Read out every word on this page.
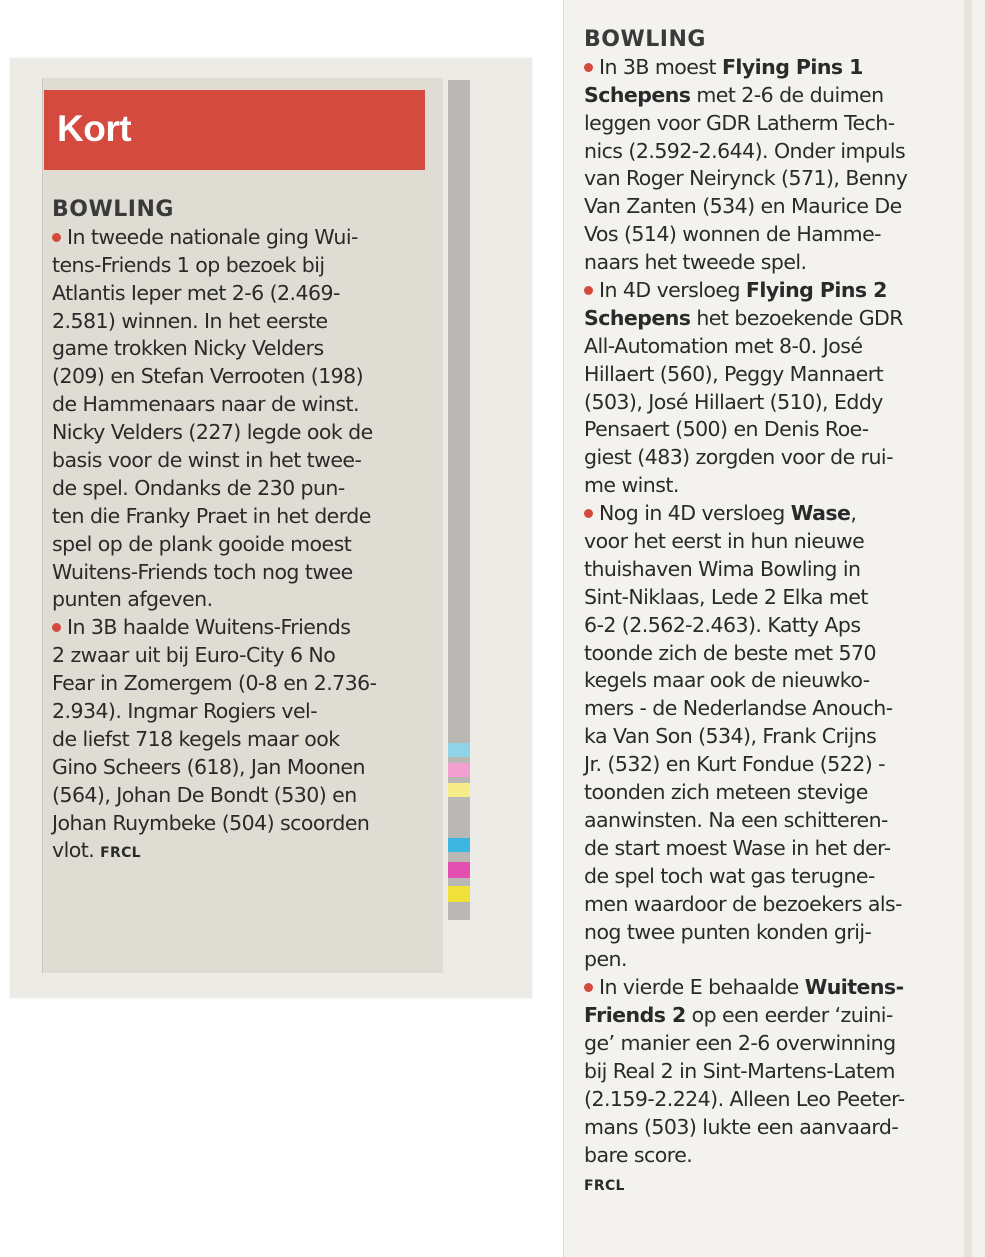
Kort
BOWLING
In tweede nationale ging Wui-
tens-Friends 1 op bezoek bij
Atlantis Ieper met 2-6 (2.469-
2.581) winnen. In het eerste
game trokken Nicky Velders
(209) en Stefan Verrooten (198)
de Hammenaars naar de winst.
Nicky Velders (227) legde ook de
basis voor de winst in het twee-
de spel. Ondanks de 230 pun-
ten die Franky Praet in het derde
spel op de plank gooide moest
Wuitens-Friends toch nog twee
punten afgeven.
In 3B haalde Wuitens-Friends
2 zwaar uit bij Euro-City 6 No
Fear in Zomergem (0-8 en 2.736-
2.934). Ingmar Rogiers vel-
de liefst 718 kegels maar ook
Gino Scheers (618), Jan Moonen
(564), Johan De Bondt (530) en
Johan Ruymbeke (504) scoorden
vlot. FRCL
BOWLING
In 3B moest Flying Pins 1
Schepens met 2-6 de duimen
leggen voor GDR Latherm Tech-
nics (2.592-2.644). Onder impuls
van Roger Neirynck (571), Benny
Van Zanten (534) en Maurice De
Vos (514) wonnen de Hamme-
naars het tweede spel.
In 4D versloeg Flying Pins 2
Schepens het bezoekende GDR
All-Automation met 8-0. José
Hillaert (560), Peggy Mannaert
(503), José Hillaert (510), Eddy
Pensaert (500) en Denis Roe-
giest (483) zorgden voor de rui-
me winst.
Nog in 4D versloeg Wase,
voor het eerst in hun nieuwe
thuishaven Wima Bowling in
Sint-Niklaas, Lede 2 Elka met
6-2 (2.562-2.463). Katty Aps
toonde zich de beste met 570
kegels maar ook de nieuwko-
mers - de Nederlandse Anouch-
ka Van Son (534), Frank Crijns
Jr. (532) en Kurt Fondue (522) -
toonden zich meteen stevige
aanwinsten. Na een schitteren-
de start moest Wase in het der-
de spel toch wat gas terugne-
men waardoor de bezoekers als-
nog twee punten konden grij-
pen.
In vierde E behaalde Wuitens-
Friends 2 op een eerder ‘zuini-
ge’ manier een 2-6 overwinning
bij Real 2 in Sint-Martens-Latem
(2.159-2.224). Alleen Leo Peeter-
mans (503) lukte een aanvaard-
bare score.
FRCL
